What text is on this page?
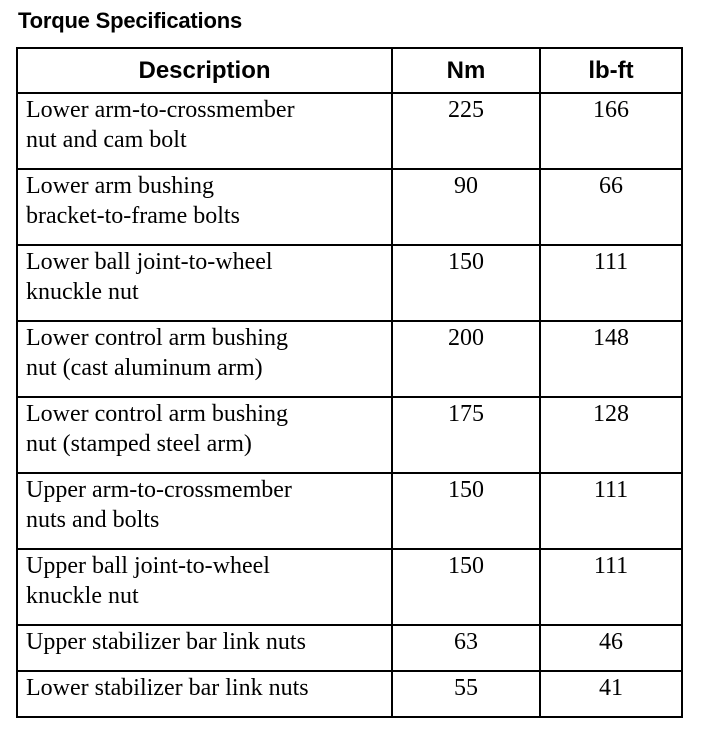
Torque Specifications
Description	Nm	lb-ft

Lower arm-to-crossmember
nut and cam bolt	225	166

Lower arm bushing
bracket-to-frame bolts	90	66

Lower ball joint-to-wheel
knuckle nut	150	111

Lower control arm bushing
nut (cast aluminum arm)	200	148

Lower control arm bushing
nut (stamped steel arm)	175	128

Upper arm-to-crossmember
nuts and bolts	150	111

Upper ball joint-to-wheel
knuckle nut	150	111

Upper stabilizer bar link nuts	63	46

Lower stabilizer bar link nuts	55	41
